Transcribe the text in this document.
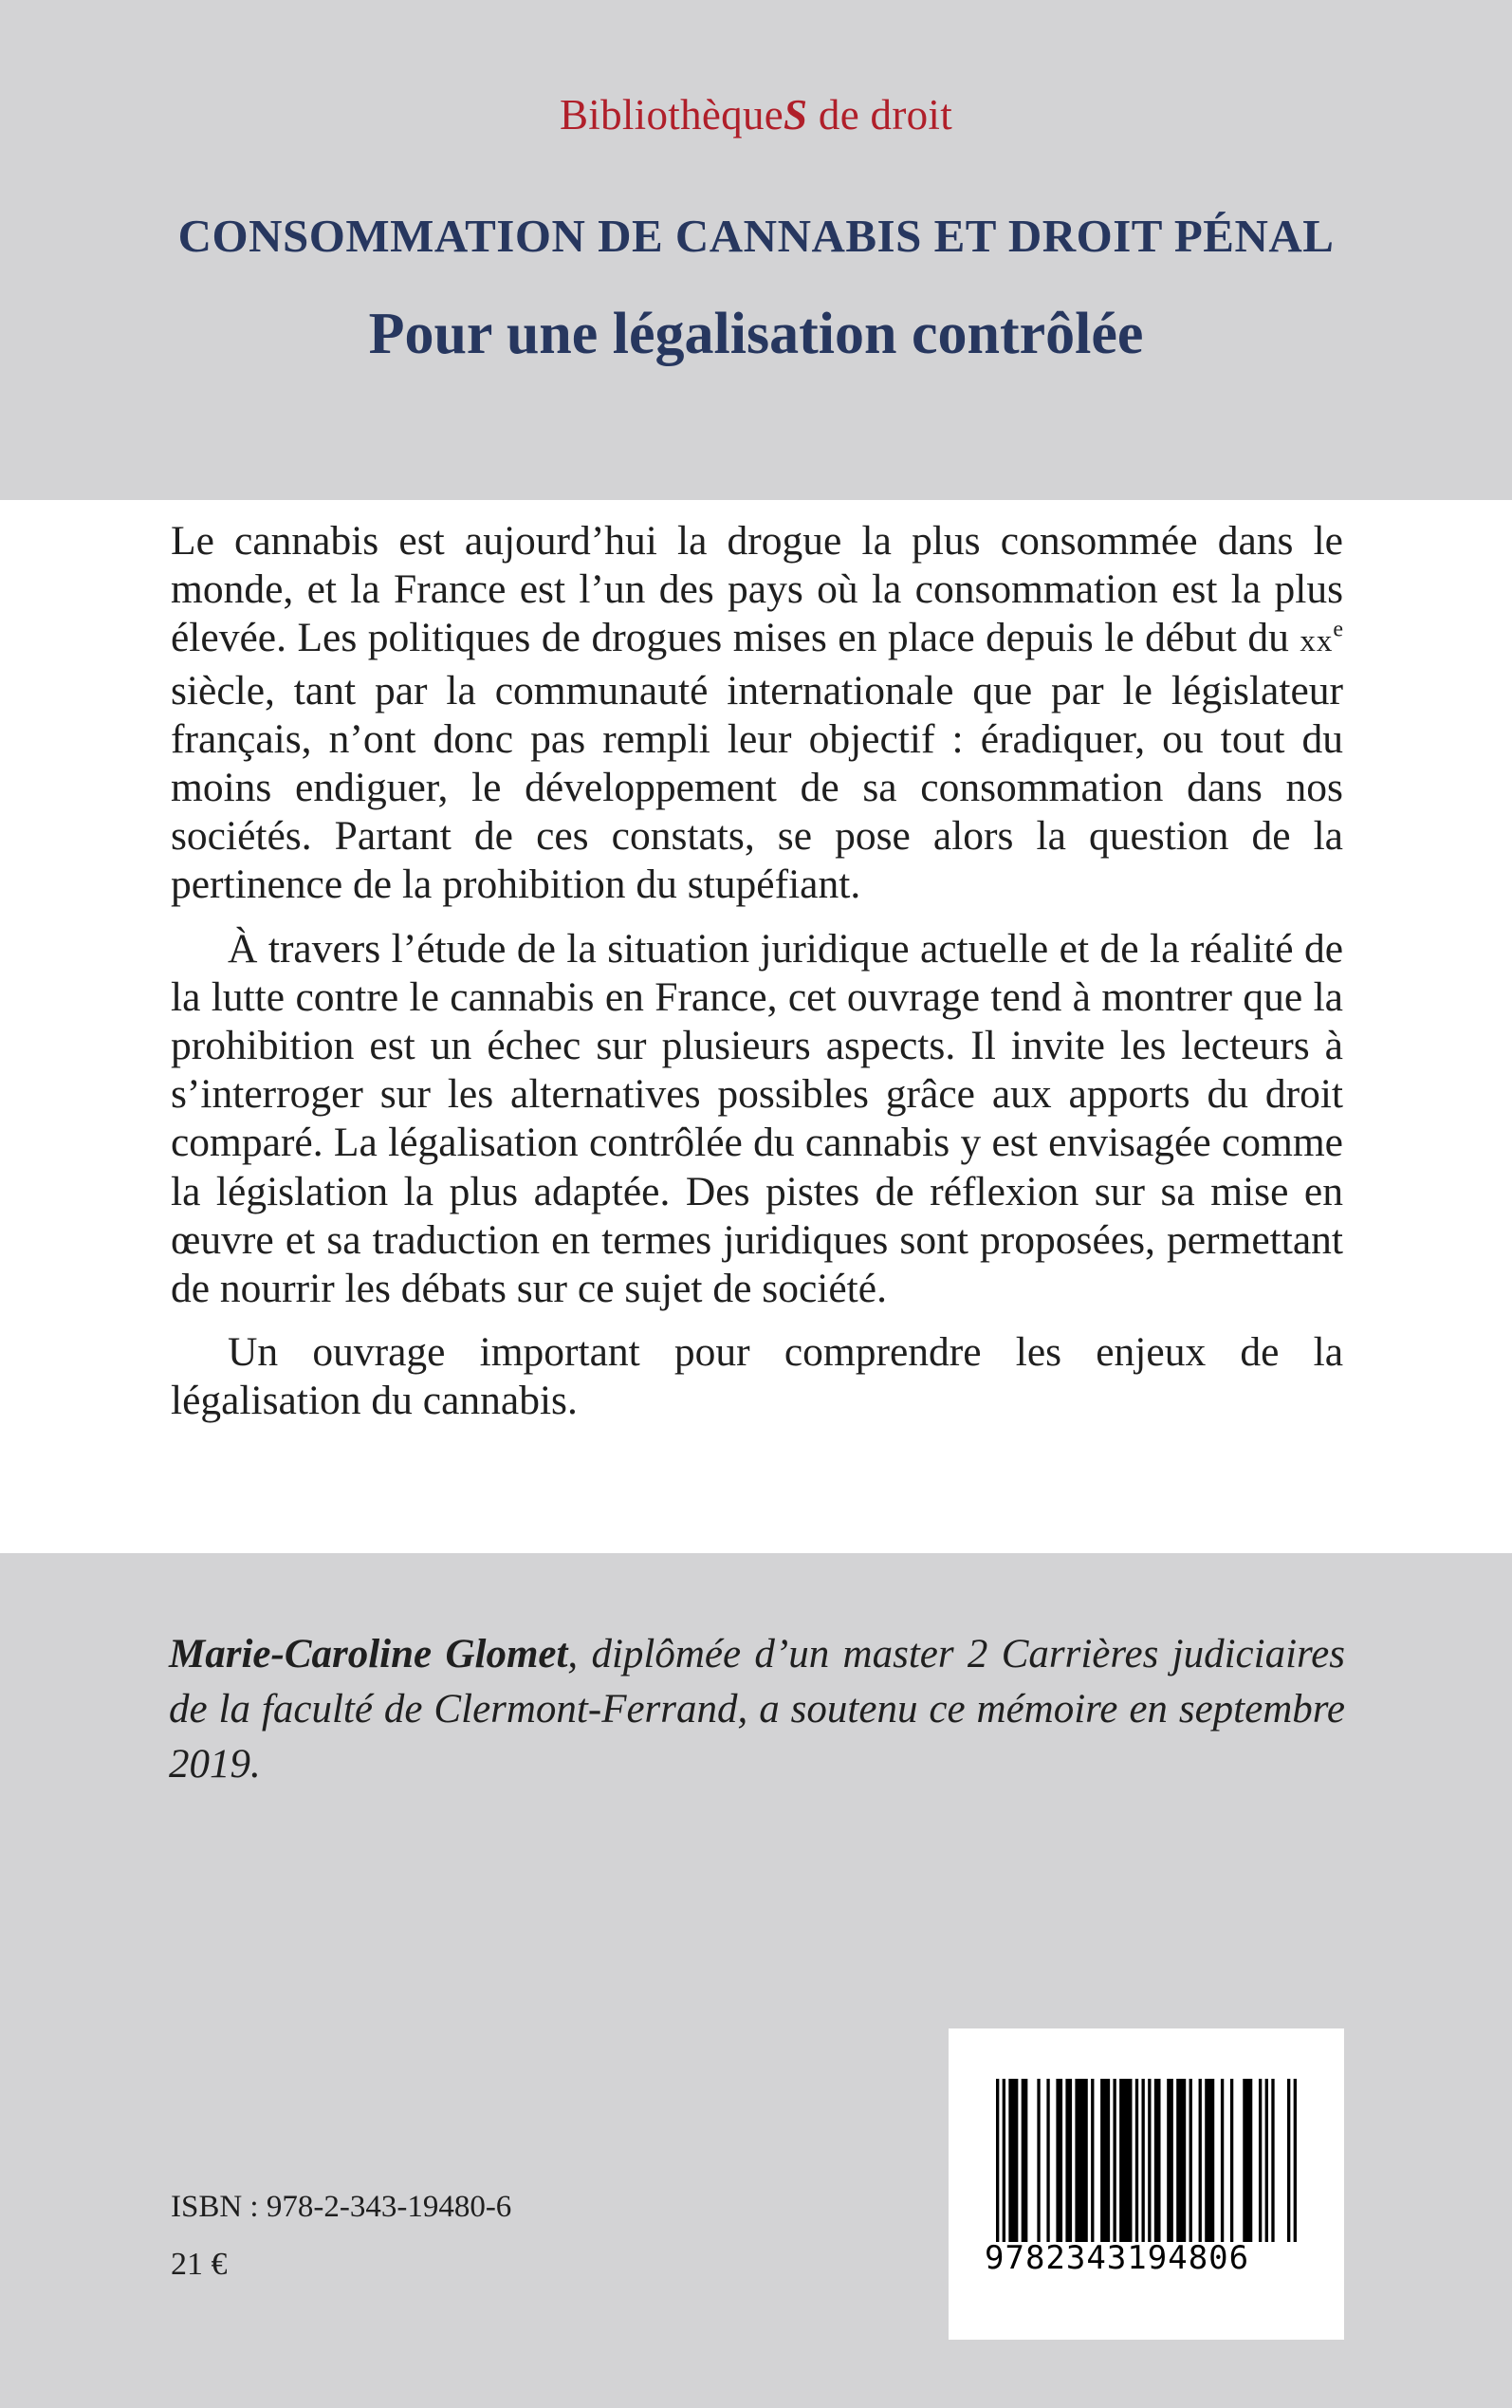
BibliothèqueS de droit
CONSOMMATION DE CANNABIS ET DROIT PÉNAL
Pour une légalisation contrôlée

Le cannabis est aujourd’hui la drogue la plus consommée dans le monde, et la France est l’un des pays où la consommation est la plus élevée. Les politiques de drogues mises en place depuis le début du $xx^e$ siècle, tant par la communauté internationale que par le législateur français, n’ont donc pas rempli leur objectif : éradiquer, ou tout du moins endiguer, le développement de sa consommation dans nos sociétés. Partant de ces constats, se pose alors la question de la pertinence de la prohibition du stupéfiant.

À travers l’étude de la situation juridique actuelle et de la réalité de la lutte contre le cannabis en France, cet ouvrage tend à montrer que la prohibition est un échec sur plusieurs aspects. Il invite les lecteurs à s’interroger sur les alternatives possibles grâce aux apports du droit comparé. La légalisation contrôlée du cannabis y est envisagée comme la législation la plus adaptée. Des pistes de réflexion sur sa mise en œuvre et sa traduction en termes juridiques sont proposées, permettant de nourrir les débats sur ce sujet de société.

Un ouvrage important pour comprendre les enjeux de la légalisation du cannabis.

Marie-Caroline Glomet, diplômée d’un master 2 Carrières judiciaires de la faculté de Clermont-Ferrand, a soutenu ce mémoire en septembre 2019.
ISBN : 978-2-343-19480-6
21 €	9782343194806
